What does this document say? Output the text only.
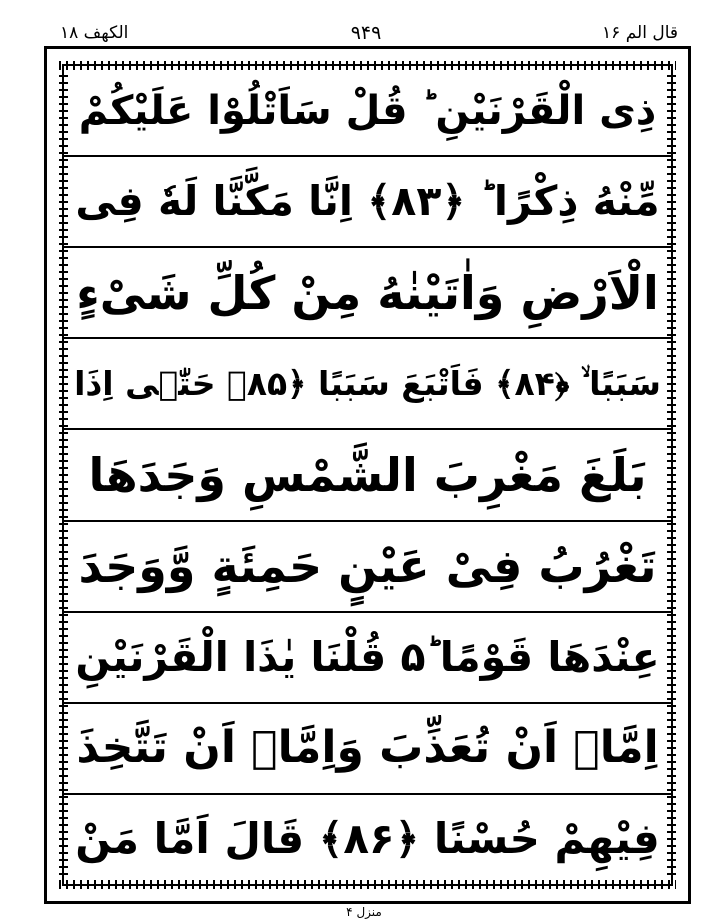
الکھف ۱۸	۹۴۹	قال الم ۱۶
ذِی الْقَرْنَیْنِ ؕ قُلْ سَاَتْلُوْا عَلَیْکُمْ
مِّنْهُ ذِكْرًا ؕ ﴿۸۳﴾ اِنَّا مَكَّنَّا لَهٗ فِی
الْاَرْضِ وَاٰتَیْنٰهُ مِنْ كُلِّ شَیْءٍ
سَبَبًا ۙ ﴿۸۴﴾ فَاَتْبَعَ سَبَبًا ﴿۸۵﴾ حَتّٰۤی اِذَا
بَلَغَ مَغْرِبَ الشَّمْسِ وَجَدَهَا
تَغْرُبُ فِیْ عَیْنٍ حَمِئَةٍ وَّوَجَدَ
عِنْدَهَا قَوْمًا ؕ۵ قُلْنَا یٰذَا الْقَرْنَیْنِ
اِمَّاۤ اَنْ تُعَذِّبَ وَاِمَّاۤ اَنْ تَتَّخِذَ
فِیْهِمْ حُسْنًا ﴿۸۶﴾ قَالَ اَمَّا مَنْ
منزل ۴
